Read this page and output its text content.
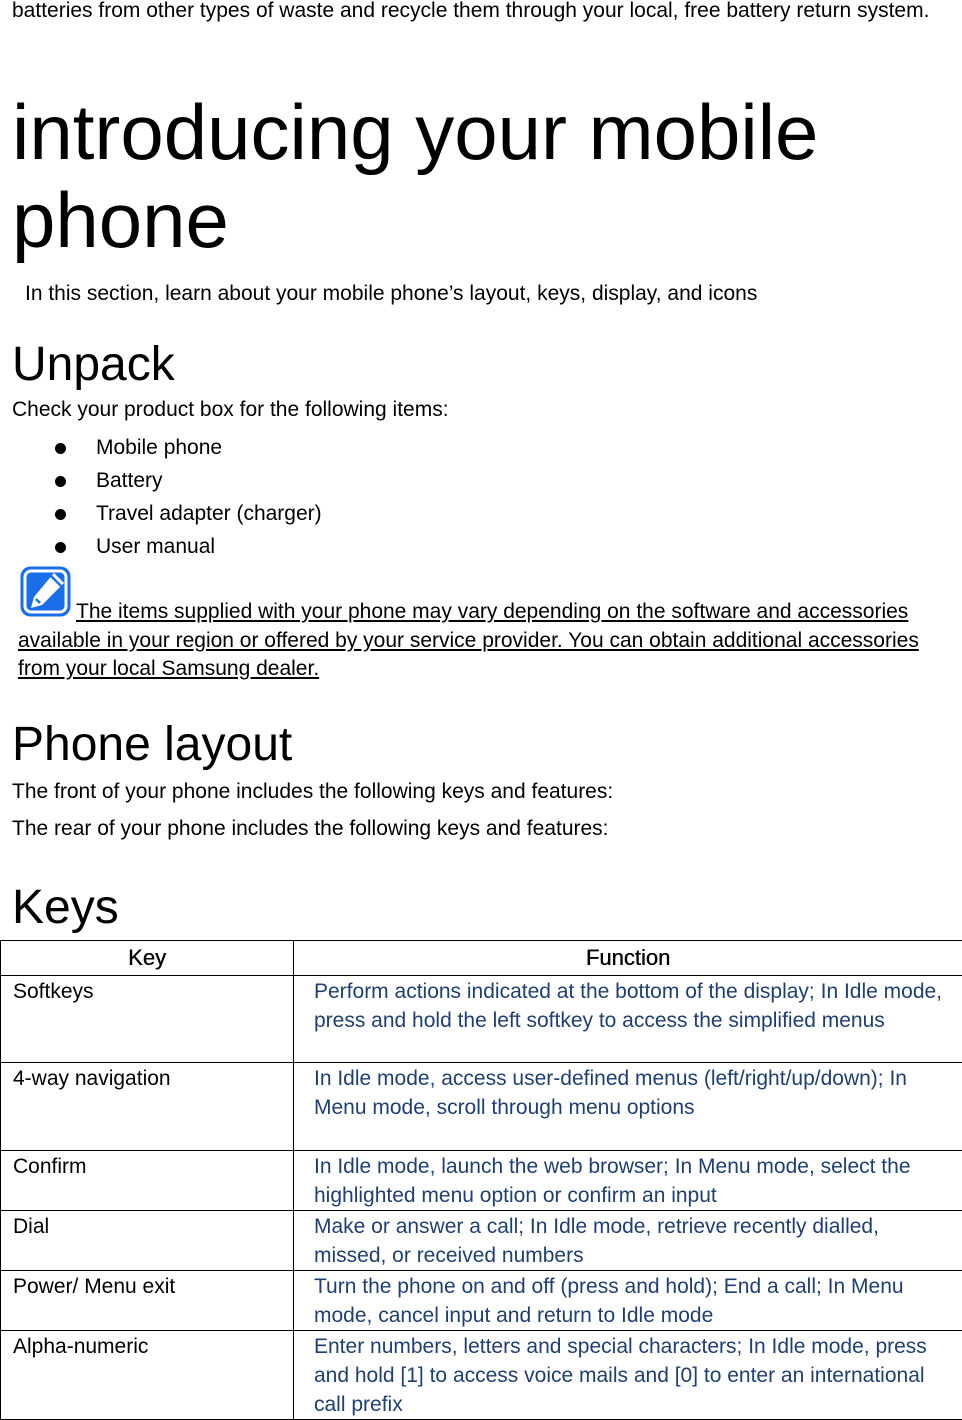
batteries from other types of waste and recycle them through your local, free battery return system.
introducing your mobile phone
In this section, learn about your mobile phone’s layout, keys, display, and icons
Unpack
Check your product box for the following items:
Mobile phone
Battery
Travel adapter (charger)
User manual
The items supplied with your phone may vary depending on the software and accessories available in your region or offered by your service provider. You can obtain additional accessories from your local Samsung dealer.
Phone layout
The front of your phone includes the following keys and features:
The rear of your phone includes the following keys and features:
Keys
Key	Function
Softkeys	Perform actions indicated at the bottom of the display; In Idle mode, press and hold the left softkey to access the simplified menus
4-way navigation	In Idle mode, access user-defined menus (left/right/up/down); In Menu mode, scroll through menu options
Confirm	In Idle mode, launch the web browser; In Menu mode, select the highlighted menu option or confirm an input
Dial	Make or answer a call; In Idle mode, retrieve recently dialled, missed, or received numbers
Power/ Menu exit	Turn the phone on and off (press and hold); End a call; In Menu mode, cancel input and return to Idle mode
Alpha-numeric	Enter numbers, letters and special characters; In Idle mode, press and hold [1] to access voice mails and [0] to enter an international call prefix
